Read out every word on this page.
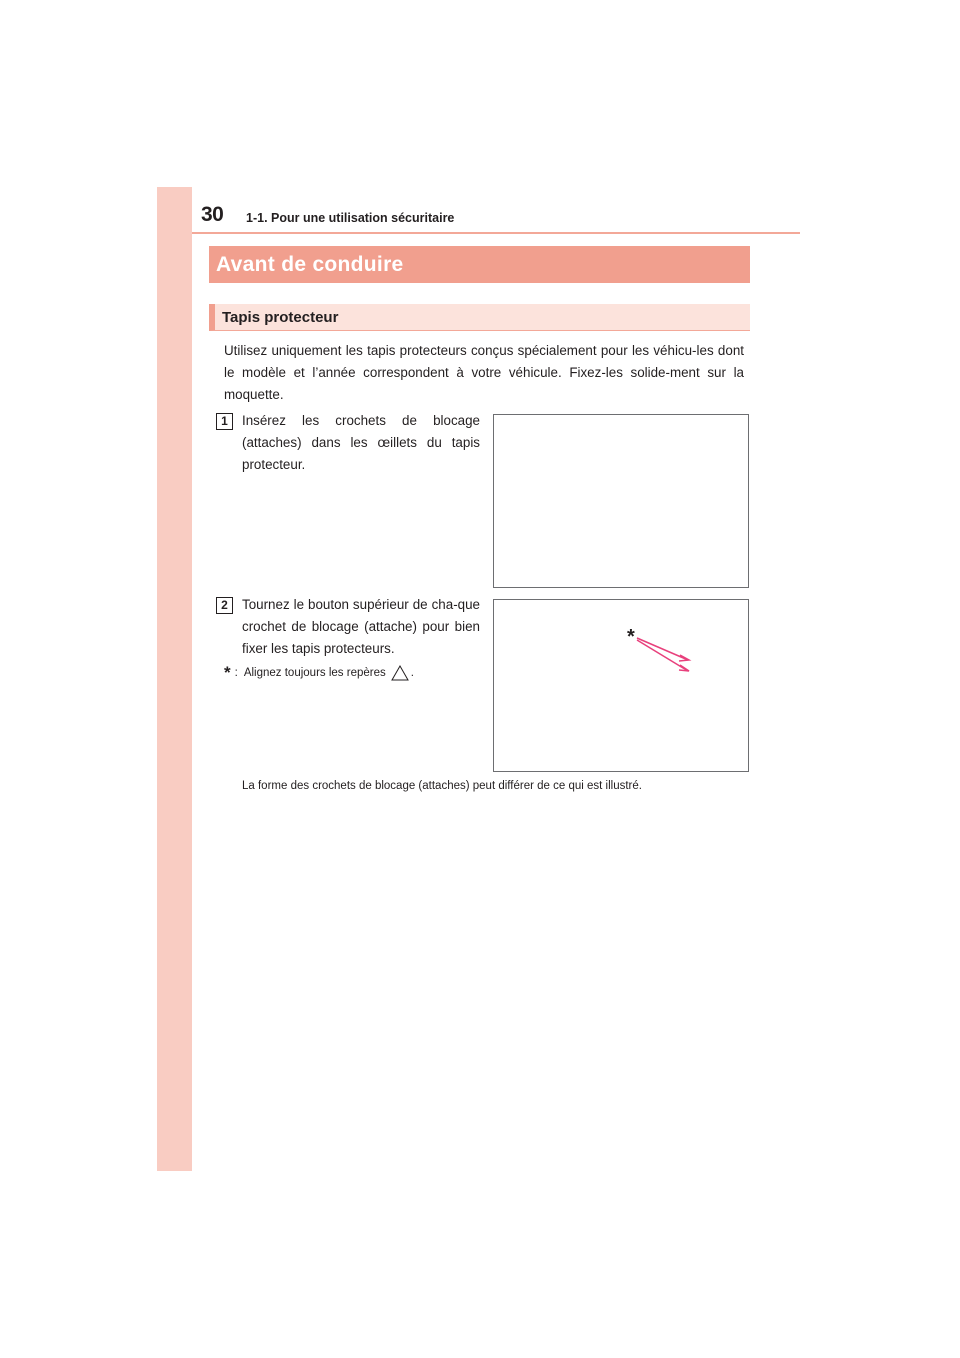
30 1-1. Pour une utilisation sécuritaire
Avant de conduire
Tapis protecteur
Utilisez uniquement les tapis protecteurs conçus spécialement pour les véhicu-les dont le modèle et l’année correspondent à votre véhicule. Fixez-les solide-ment sur la moquette.
1	Insérez les crochets de blocage (attaches) dans les œillets du tapis protecteur.
2	Tournez le bouton supérieur de cha-que crochet de blocage (attache) pour bien fixer les tapis protecteurs.
*
* : Alignez toujours les repères .
La forme des crochets de blocage (attaches) peut différer de ce qui est illustré.
